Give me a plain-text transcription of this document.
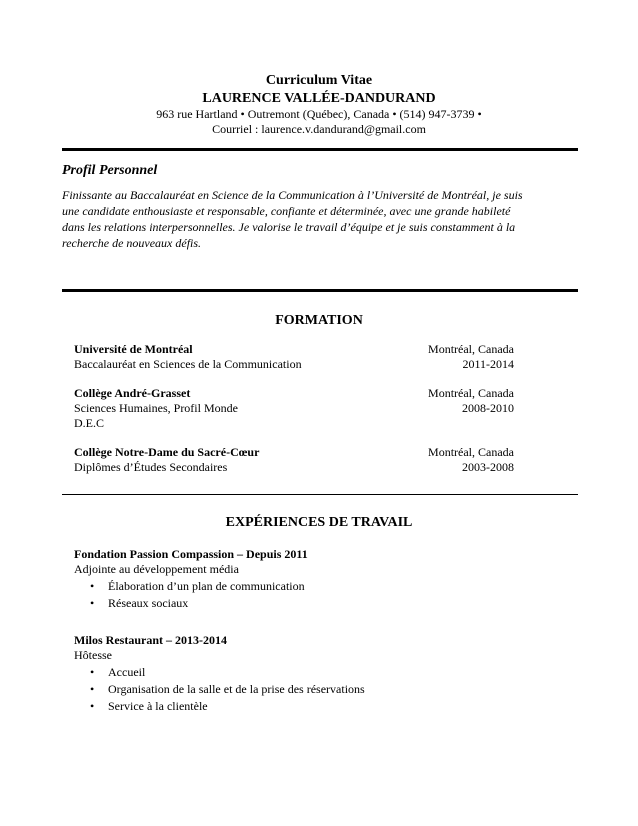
Curriculum Vitae
LAURENCE VALLÉE-DANDURAND
963 rue Hartland • Outremont (Québec), Canada • (514) 947-3739 •
Courriel : laurence.v.dandurand@gmail.com
Profil Personnel
Finissante au Baccalauréat en Science de la Communication à l’Université de Montréal, je suis
une candidate enthousiaste et responsable, confiante et déterminée, avec une grande habileté
dans les relations interpersonnelles. Je valorise le travail d’équipe et je suis constamment à la
recherche de nouveaux défis.
FORMATION
Université de Montréal	Montréal, Canada
Baccalauréat en Sciences de la Communication	2011-2014
Collège André-Grasset	Montréal, Canada
Sciences Humaines, Profil Monde	2008-2010
D.E.C
Collège Notre-Dame du Sacré-Cœur	Montréal, Canada
Diplômes d’Études Secondaires	2003-2008
EXPÉRIENCES DE TRAVAIL
Fondation Passion Compassion – Depuis 2011
Adjointe au développement média
• Élaboration d’un plan de communication
• Réseaux sociaux
Milos Restaurant – 2013-2014
Hôtesse
• Accueil
• Organisation de la salle et de la prise des réservations
• Service à la clientèle
